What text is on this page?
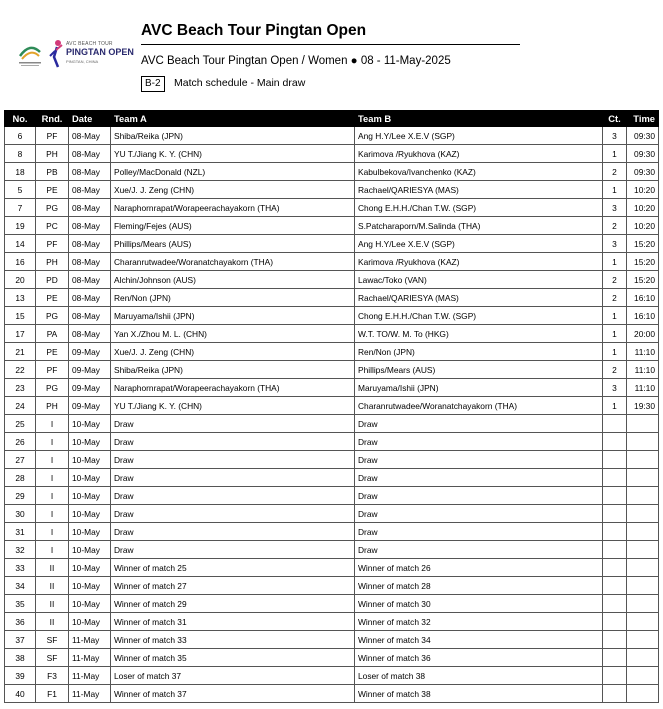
AVC BEACH TOUR
PINGTAN OPEN
PINGTAN, CHINA
AVC Beach Tour Pingtan Open
AVC Beach Tour Pingtan Open / Women ● 08 - 11-May-2025
B-2	Match schedule - Main draw
No.	Rnd.	Date	Team A	Team B	Ct.	Time
6	PF	08-May	Shiba/Reika (JPN)	Ang H.Y/Lee X.E.V (SGP)	3	09:30
8	PH	08-May	YU T./Jiang K. Y. (CHN)	Karimova /Ryukhova (KAZ)	1	09:30
18	PB	08-May	Polley/MacDonald (NZL)	Kabulbekova/Ivanchenko (KAZ)	2	09:30
5	PE	08-May	Xue/J. J. Zeng (CHN)	Rachael/QARIESYA (MAS)	1	10:20
7	PG	08-May	Naraphornrapat/Worapeerachayakorn (THA)	Chong E.H.H./Chan T.W. (SGP)	3	10:20
19	PC	08-May	Fleming/Fejes (AUS)	S.Patcharaporn/M.Salinda (THA)	2	10:20
14	PF	08-May	Phillips/Mears (AUS)	Ang H.Y/Lee X.E.V (SGP)	3	15:20
16	PH	08-May	Charanrutwadee/Woranatchayakorn (THA)	Karimova /Ryukhova (KAZ)	1	15:20
20	PD	08-May	Alchin/Johnson (AUS)	Lawac/Toko (VAN)	2	15:20
13	PE	08-May	Ren/Non (JPN)	Rachael/QARIESYA (MAS)	2	16:10
15	PG	08-May	Maruyama/Ishii (JPN)	Chong E.H.H./Chan T.W. (SGP)	1	16:10
17	PA	08-May	Yan X./Zhou M. L. (CHN)	W.T. TO/W. M. To (HKG)	1	20:00
21	PE	09-May	Xue/J. J. Zeng (CHN)	Ren/Non (JPN)	1	11:10
22	PF	09-May	Shiba/Reika (JPN)	Phillips/Mears (AUS)	2	11:10
23	PG	09-May	Naraphornrapat/Worapeerachayakorn (THA)	Maruyama/Ishii (JPN)	3	11:10
24	PH	09-May	YU T./Jiang K. Y. (CHN)	Charanrutwadee/Woranatchayakorn (THA)	1	19:30
25	I	10-May	Draw	Draw		
26	I	10-May	Draw	Draw		
27	I	10-May	Draw	Draw		
28	I	10-May	Draw	Draw		
29	I	10-May	Draw	Draw		
30	I	10-May	Draw	Draw		
31	I	10-May	Draw	Draw		
32	I	10-May	Draw	Draw		
33	II	10-May	Winner of match 25	Winner of match 26		
34	II	10-May	Winner of match 27	Winner of match 28		
35	II	10-May	Winner of match 29	Winner of match 30		
36	II	10-May	Winner of match 31	Winner of match 32		
37	SF	11-May	Winner of match 33	Winner of match 34		
38	SF	11-May	Winner of match 35	Winner of match 36		
39	F3	11-May	Loser of match 37	Loser of match 38		
40	F1	11-May	Winner of match 37	Winner of match 38		
